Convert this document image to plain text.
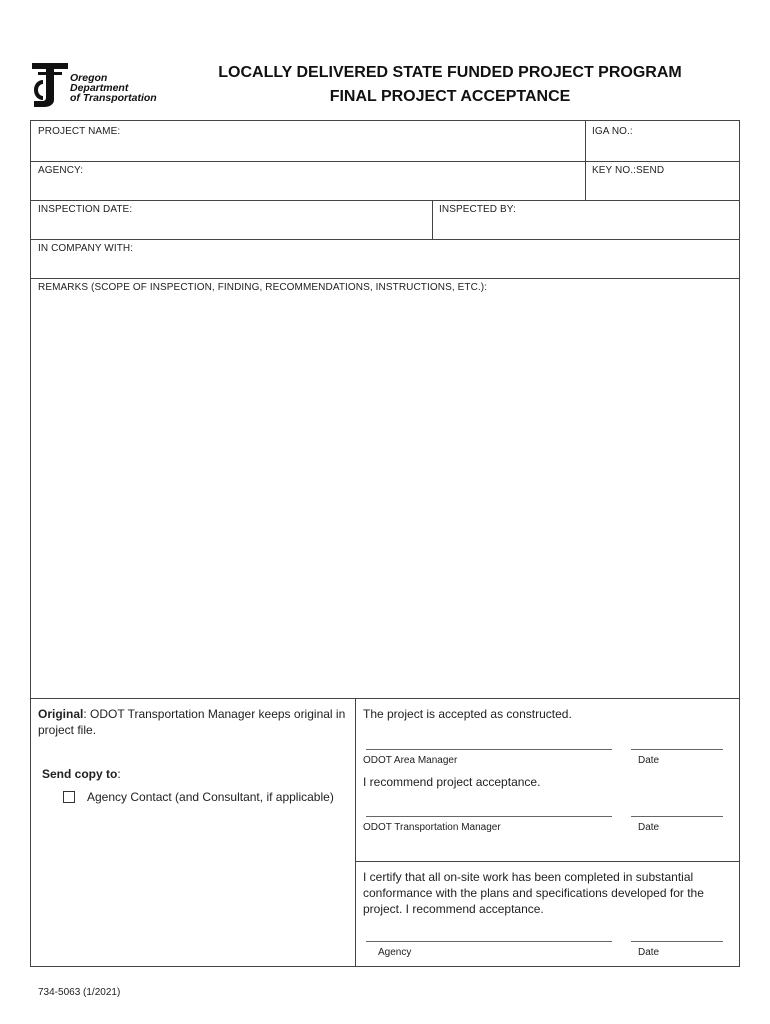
Oregon
Department
of Transportation
LOCALLY DELIVERED STATE FUNDED PROJECT PROGRAM
FINAL PROJECT ACCEPTANCE
PROJECT NAME:	IGA NO.:
AGENCY:	KEY NO.:SEND
INSPECTION DATE:	INSPECTED BY:
IN COMPANY WITH:
REMARKS (SCOPE OF INSPECTION, FINDING, RECOMMENDATIONS, INSTRUCTIONS, ETC.):
Original: ODOT Transportation Manager keeps original in project file.
Send copy to:
Agency Contact (and Consultant, if applicable)
The project is accepted as constructed.
ODOT Area Manager	Date
I recommend project acceptance.
ODOT Transportation Manager	Date
I certify that all on-site work has been completed in substantial conformance with the plans and specifications developed for the project. I recommend acceptance.
Agency	Date
734-5063 (1/2021)
